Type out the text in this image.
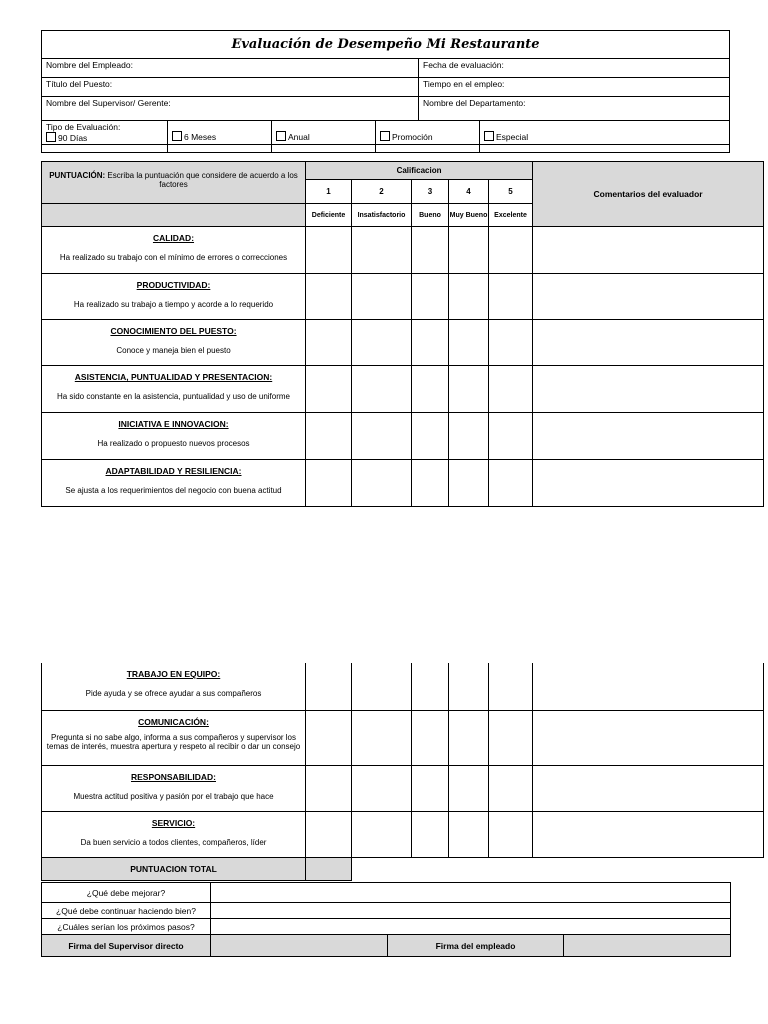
Evaluación de Desempeño Mi Restaurante					
Nombre del Empleado:				Fecha de evaluación:	
Título del Puesto:				Tiempo en el empleo:	
Nombre del Supervisor/ Gerente:				Nombre del Departamento:	
Tipo de Evaluación:
90 Días	6 Meses	Anual	Promoción		Especial

PUNTUACIÓN: Escriba la puntuación que considere de acuerdo a los factores	Calificacion					Comentarios del evaluador
	1	2	3	4	5	
	Deficiente	Insatisfactorio	Bueno	Muy Bueno	Excelente	

CALIDAD:
Ha realizado su trabajo con el mínimo de errores o correcciones						

PRODUCTIVIDAD:
Ha realizado su trabajo a tiempo y acorde a lo requerido						

CONOCIMIENTO DEL PUESTO:
Conoce y maneja bien el puesto						

ASISTENCIA, PUNTUALIDAD Y PRESENTACION:
Ha sido constante en la asistencia, puntualidad y uso de uniforme						

INICIATIVA E INNOVACION:
Ha realizado o propuesto nuevos procesos						

ADAPTABILIDAD Y RESILIENCIA:
Se ajusta a los requerimientos del negocio con buena actitud						

TRABAJO EN EQUIPO:
Pide ayuda y se ofrece ayudar a sus compañeros						

COMUNICACIÓN:
Pregunta si no sabe algo, informa a sus compañeros y supervisor los temas de interés, muestra apertura y respeto al recibir o dar un consejo						

RESPONSABILIDAD:
Muestra actitud positiva y pasión por el trabajo que hace						

SERVICIO:
Da buen servicio a todos clientes, compañeros, líder						

PUNTUACION TOTAL						
¿Qué debe mejorar?			
¿Qué debe continuar haciendo bien?			
¿Cuáles serían los próximos pasos?			
Firma del Supervisor directo		Firma del empleado	
